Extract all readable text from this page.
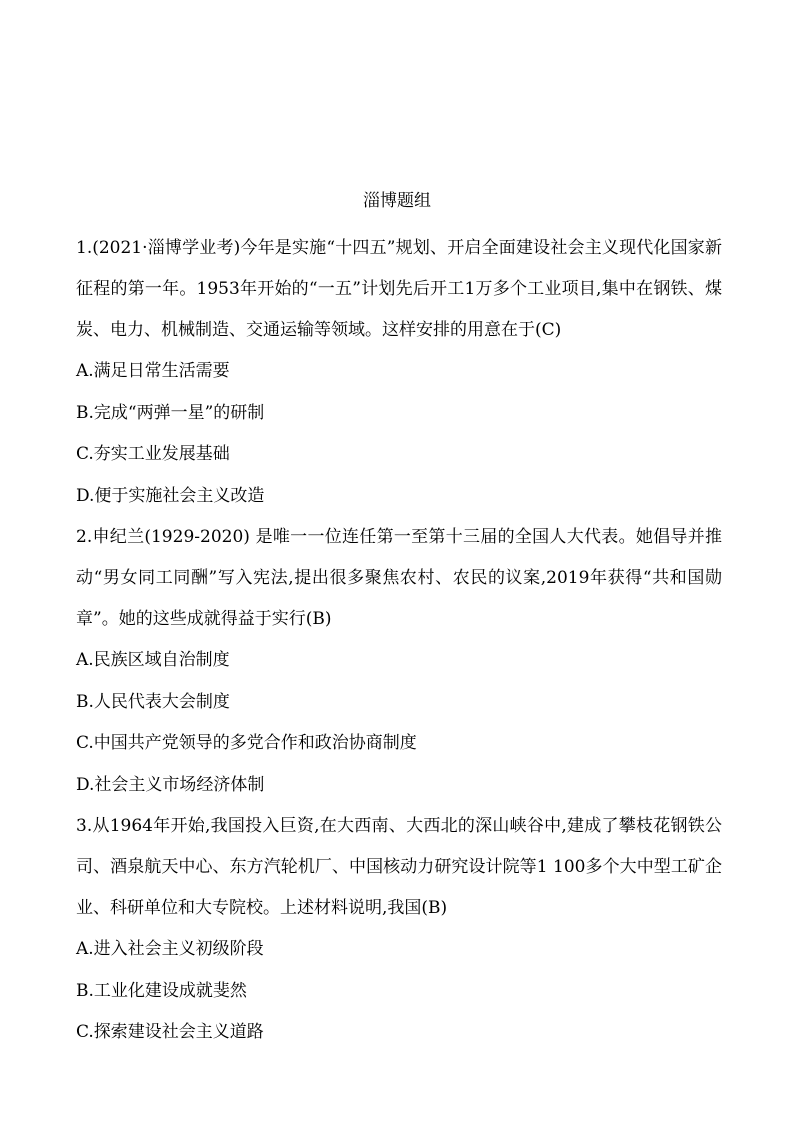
淄博题组

1.(2021·淄博学业考)今年是实施“十四五”规划、开启全面建设社会主义现代化国家新征程的第一年。1953年开始的“一五”计划先后开工1万多个工业项目,集中在钢铁、煤炭、电力、机械制造、交通运输等领域。这样安排的用意在于(C)

A.满足日常生活需要

B.完成“两弹一星”的研制

C.夯实工业发展基础

D.便于实施社会主义改造

2.申纪兰(1929-2020) 是唯一一位连任第一至第十三届的全国人大代表。她倡导并推动“男女同工同酬”写入宪法,提出很多聚焦农村、农民的议案,2019年获得“共和国勋章”。她的这些成就得益于实行(B)

A.民族区域自治制度

B.人民代表大会制度

C.中国共产党领导的多党合作和政治协商制度

D.社会主义市场经济体制

3.从1964年开始,我国投入巨资,在大西南、大西北的深山峡谷中,建成了攀枝花钢铁公司、酒泉航天中心、东方汽轮机厂、中国核动力研究设计院等1 100多个大中型工矿企业、科研单位和大专院校。上述材料说明,我国(B)

A.进入社会主义初级阶段

B.工业化建设成就斐然

C.探索建设社会主义道路
